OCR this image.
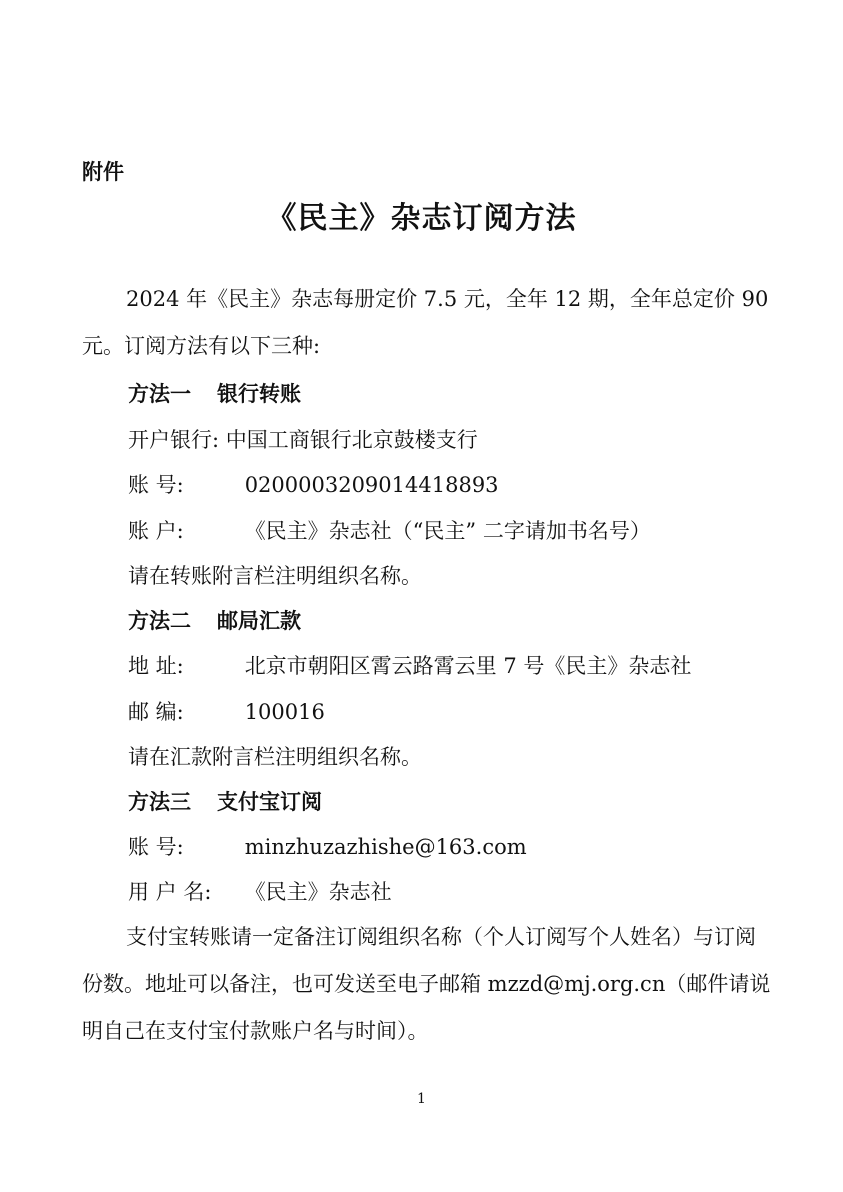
附件
《民主》杂志订阅方法
2024 年《民主》杂志每册定价 7.5 元，全年 12 期，全年总定价 90 元。订阅方法有以下三种:
方法一 银行转账
开户银行: 中国工商银行北京鼓楼支行
账 号:	0200003209014418893
账 户:	《民主》杂志社（“民主” 二字请加书名号）
请在转账附言栏注明组织名称。
方法二 邮局汇款
地 址:	北京市朝阳区霄云路霄云里 7 号《民主》杂志社
邮 编:	100016
请在汇款附言栏注明组织名称。
方法三 支付宝订阅
账 号:	minzhuzazhishe@163.com
用 户 名: 《民主》杂志社
支付宝转账请一定备注订阅组织名称（个人订阅写个人姓名）与订阅份数。地址可以备注，也可发送至电子邮箱 mzzd@mj.org.cn（邮件请说明自己在支付宝付款账户名与时间）。
1
